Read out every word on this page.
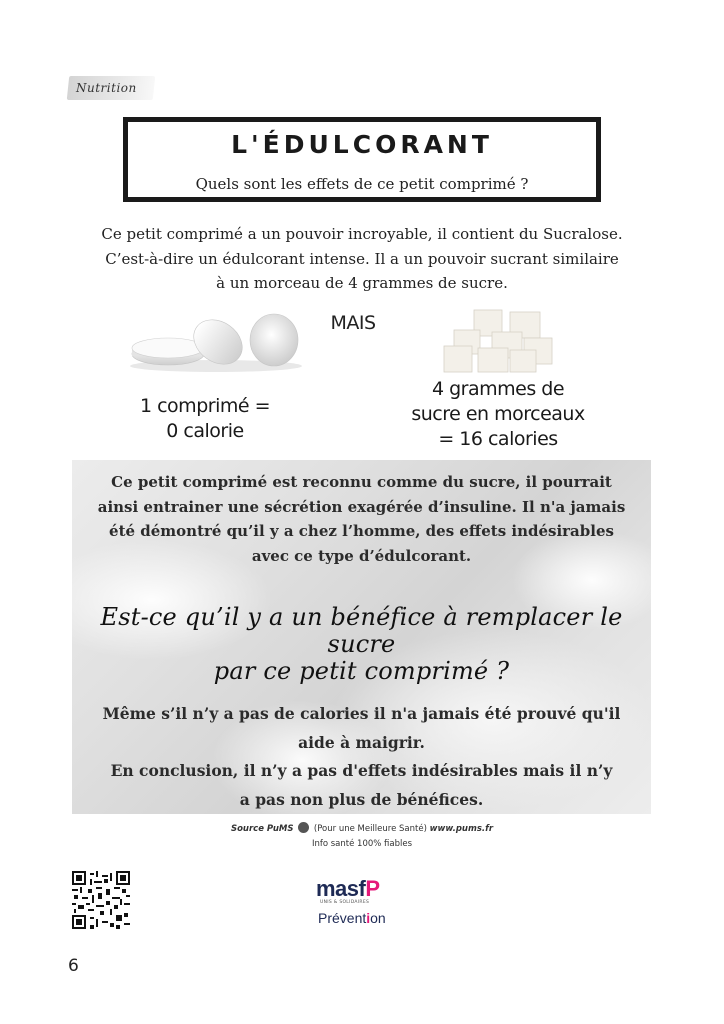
Nutrition
L'ÉDULCORANT
Quels sont les effets de ce petit comprimé ?
Ce petit comprimé a un pouvoir incroyable, il contient du Sucralose.
C’est-à-dire un édulcorant intense. Il a un pouvoir sucrant similaire
à un morceau de 4 grammes de sucre.
MAIS
1 comprimé =
0 calorie
4 grammes de
sucre en morceaux
= 16 calories
Ce petit comprimé est reconnu comme du sucre, il pourrait
ainsi entrainer une sécrétion exagérée d’insuline. Il n'a jamais
été démontré qu’il y a chez l’homme, des effets indésirables
avec ce type d’édulcorant.
Est-ce qu’il y a un bénéfice à remplacer le sucre
par ce petit comprimé ?
Même s’il n’y a pas de calories il n'a jamais été prouvé qu'il
aide à maigrir.
En conclusion, il n’y a pas d'effets indésirables mais il n’y
a pas non plus de bénéfices.
Source PuMS (Pour une Meilleure Santé) www.pums.fr
Info santé 100% fiables
masfP
UNIS & SOLIDAIRES
Prévention
6
